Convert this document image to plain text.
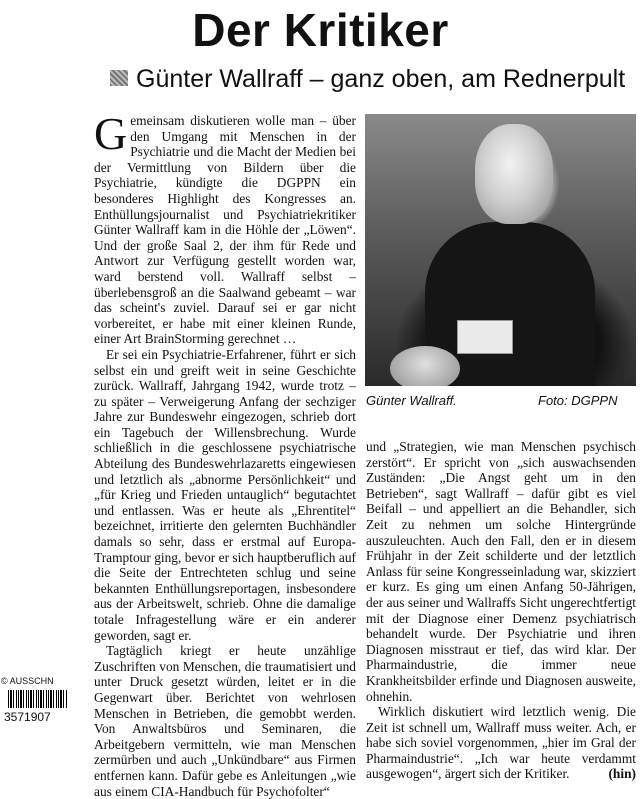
Der Kritiker
Günter Wallraff – ganz oben, am Rednerpult

Gemeinsam diskutieren wolle man – über den Umgang mit Menschen in der Psychiatrie und die Macht der Medien bei der Vermittlung von Bildern über die Psychiatrie, kündigte die DGPPN ein besonderes Highlight des Kongresses an. Enthüllungsjournalist und Psychiatriekritiker Günter Wallraff kam in die Höhle der „Löwen“. Und der große Saal 2, der ihm für Rede und Antwort zur Verfügung gestellt worden war, ward berstend voll. Wallraff selbst – überlebensgroß an die Saalwand gebeamt – war das scheint's zuviel. Darauf sei er gar nicht vorbereitet, er habe mit einer kleinen Runde, einer Art BrainStorming gerechnet …

Er sei ein Psychiatrie-Erfahrener, führt er sich selbst ein und greift weit in seine Geschichte zurück. Wallraff, Jahrgang 1942, wurde trotz – zu später – Verweigerung Anfang der sechziger Jahre zur Bundeswehr eingezogen, schrieb dort ein Tagebuch der Willensbrechung. Wurde schließlich in die geschlossene psychiatrische Abteilung des Bundeswehrlazaretts eingewiesen und letztlich als „abnorme Persönlichkeit“ und „für Krieg und Frieden untauglich“ begutachtet und entlassen. Was er heute als „Ehrentitel“ bezeichnet, irritierte den gelernten Buchhändler damals so sehr, dass er erstmal auf Europa-Tramptour ging, bevor er sich hauptberuflich auf die Seite der Entrechteten schlug und seine bekannten Enthüllungsreportagen, insbesondere aus der Arbeitswelt, schrieb. Ohne die damalige totale Infragestellung wäre er ein anderer geworden, sagt er.

Tagtäglich kriegt er heute unzählige Zuschriften von Menschen, die traumatisiert und unter Druck gesetzt würden, leitet er in die Gegenwart über. Berichtet von wehrlosen Menschen in Betrieben, die gemobbt werden. Von Anwaltsbüros und Seminaren, die Arbeitgebern vermitteln, wie man Menschen zermürben und auch „Unkündbare“ aus Firmen entfernen kann. Dafür gebe es Anleitungen „wie aus einem CIA-Handbuch für Psychofolter“

Günter Wallraff.	Foto: DGPPN

und „Strategien, wie man Menschen psychisch zerstört“. Er spricht von „sich auswachsenden Zuständen: „Die Angst geht um in den Betrieben“, sagt Wallraff – dafür gibt es viel Beifall – und appelliert an die Behandler, sich Zeit zu nehmen um solche Hintergründe auszuleuchten. Auch den Fall, den er in diesem Frühjahr in der Zeit schilderte und der letztlich Anlass für seine Kongresseinladung war, skizziert er kurz. Es ging um einen Anfang 50-Jährigen, der aus seiner und Wallraffs Sicht ungerechtfertigt mit der Diagnose einer Demenz psychiatrisch behandelt wurde. Der Psychiatrie und ihren Diagnosen misstraut er tief, das wird klar. Der Pharmaindustrie, die immer neue Krankheitsbilder erfinde und Diagnosen ausweite, ohnehin.

Wirklich diskutiert wird letztlich wenig. Die Zeit ist schnell um, Wallraff muss weiter. Ach, er habe sich soviel vorgenommen, „hier im Gral der Pharmaindustrie“. „Ich war heute verdammt ausgewogen“, ärgert sich der Kritiker.	(hin)

© AUSSCHN
3571907
